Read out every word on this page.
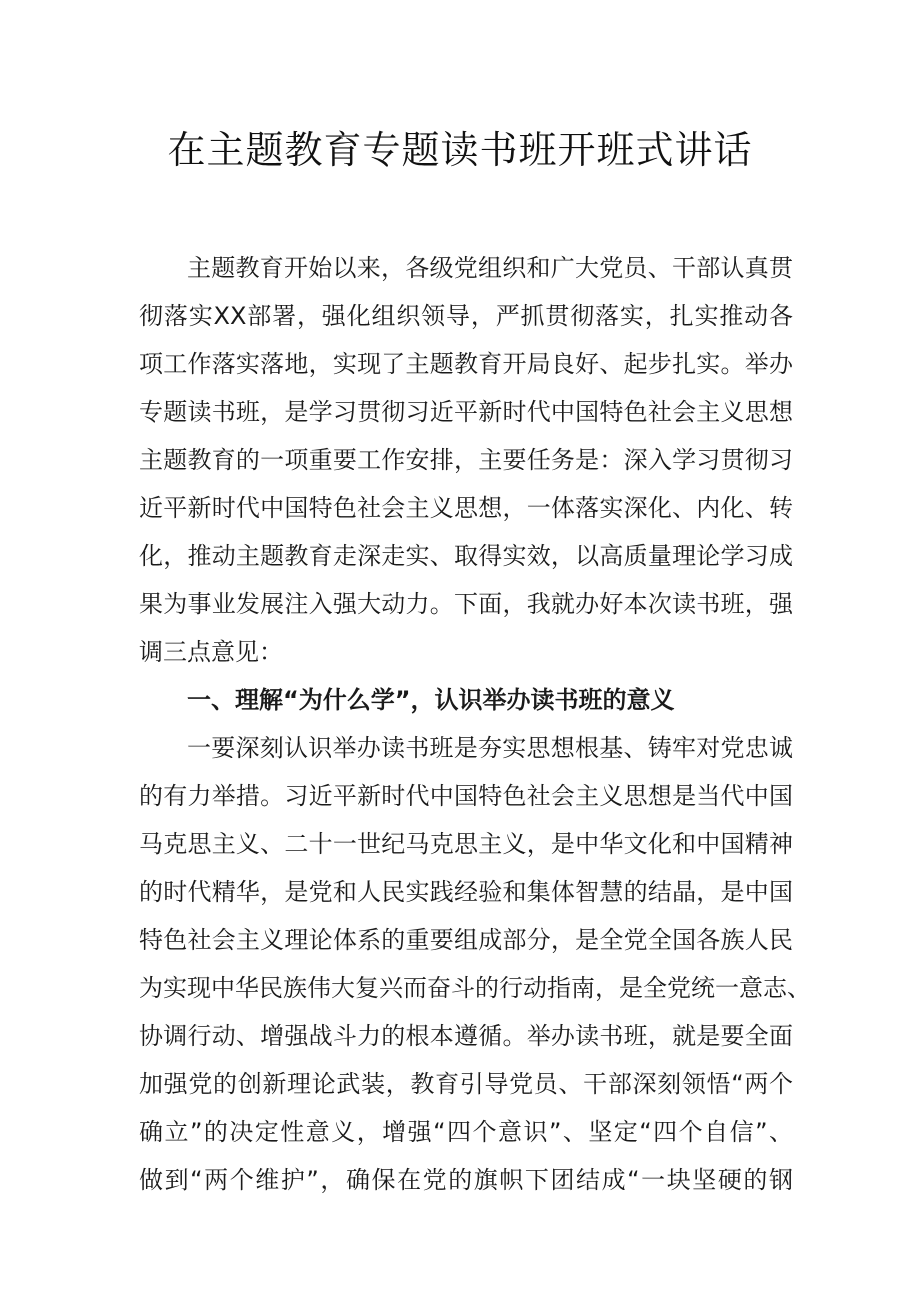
在主题教育专题读书班开班式讲话
主题教育开始以来，各级党组织和广大党员、干部认真贯
彻落实XX部署，强化组织领导，严抓贯彻落实，扎实推动各
项工作落实落地，实现了主题教育开局良好、起步扎实。举办
专题读书班，是学习贯彻习近平新时代中国特色社会主义思想
主题教育的一项重要工作安排，主要任务是：深入学习贯彻习
近平新时代中国特色社会主义思想，一体落实深化、内化、转
化，推动主题教育走深走实、取得实效，以高质量理论学习成
果为事业发展注入强大动力。下面，我就办好本次读书班，强
调三点意见：
一、理解“为什么学”，认识举办读书班的意义
一要深刻认识举办读书班是夯实思想根基、铸牢对党忠诚
的有力举措。习近平新时代中国特色社会主义思想是当代中国
马克思主义、二十一世纪马克思主义，是中华文化和中国精神
的时代精华，是党和人民实践经验和集体智慧的结晶，是中国
特色社会主义理论体系的重要组成部分，是全党全国各族人民
为实现中华民族伟大复兴而奋斗的行动指南，是全党统一意志、
协调行动、增强战斗力的根本遵循。举办读书班，就是要全面
加强党的创新理论武装，教育引导党员、干部深刻领悟“两个
确立”的决定性意义，增强“四个意识”、坚定“四个自信”、
做到“两个维护”，确保在党的旗帜下团结成“一块坚硬的钢
